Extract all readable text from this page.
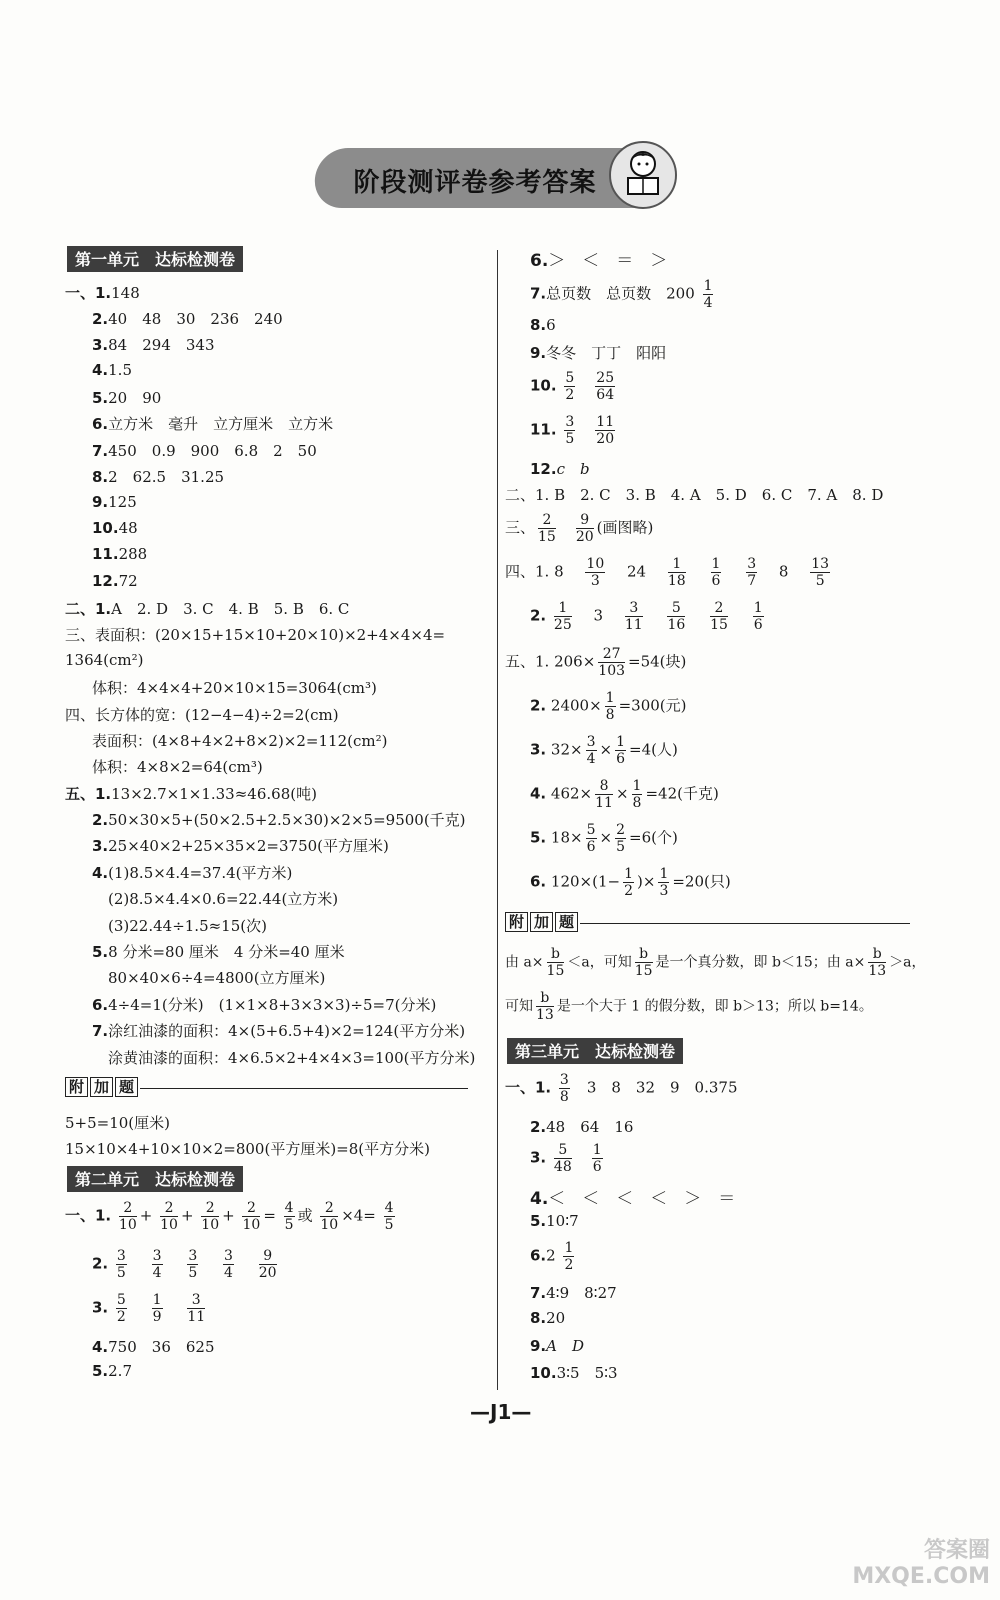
阶段测评卷参考答案
第一单元　达标检测卷
一、1.148
2.40　48　30　236　240
3.84　294　343
4.1.5
5.20　90
6.立方米　毫升　立方厘米　立方米
7.450　0.9　900　6.8　2　50
8.2　62.5　31.25
9.125
10.48
11.288
12.72
二、1.A　2. D　3. C　4. B　5. B　6. C
三、表面积：(20×15+15×10+20×10)×2+4×4×4=
1364(cm²)
体积：4×4×4+20×10×15=3064(cm³)
四、长方体的宽：(12−4−4)÷2=2(cm)
表面积：(4×8+4×2+8×2)×2=112(cm²)
体积：4×8×2=64(cm³)
五、1.13×2.7×1×1.33≈46.68(吨)
2.50×30×5+(50×2.5+2.5×30)×2×5=9500(千克)
3.25×40×2+25×35×2=3750(平方厘米)
4.(1)8.5×4.4=37.4(平方米)
(2)8.5×4.4×0.6=22.44(立方米)
(3)22.44÷1.5≈15(次)
5.8 分米=80 厘米　4 分米=40 厘米
80×40×6÷4=4800(立方厘米)
6.4÷4=1(分米)　(1×1×8+3×3×3)÷5=7(分米)
7.涂红油漆的面积：4×(5+6.5+4)×2=124(平方分米)
涂黄油漆的面积：4×6.5×2+4×4×3=100(平方分米)
附 加 题
5+5=10(厘米)
15×10×4+10×10×2=800(平方厘米)=8(平方分米)
第二单元　达标检测卷
一、1. $\frac{2}{10} + \frac{2}{10} + \frac{2}{10} + \frac{2}{10} = \frac{4}{5}$ 或 $\frac{2}{10} \times 4= \frac{4}{5}$
2. $\frac{3}{5}$
$\frac{3}{4}$
$\frac{3}{5}$
$\frac{3}{4}$
$\frac{9}{20}$
3. $\frac{5}{2}$
$\frac{1}{9}$
$\frac{3}{11}$
4.750　36　625
5.2.7
6.＞　＜　＝　＞
7.总页数　总页数　$200 \frac{1}{4}$
8.6
9.冬冬　丁丁　阳阳
10. $\frac{5}{2} \frac{25}{64}$
11. $\frac{3}{5} \frac{11}{20}$
12.c　b
二、1. B　2. C　3. B　4. A　5. D　6. C　7. A　8. D
三、 $\frac{2}{15} \frac{9}{20}$ (画图略)
四、1. $8 \frac{10}{3} 24 \frac{1}{18}$
$\frac{1}{6}$
$\frac{3}{7} 8 \frac{13}{5}$
2. $\frac{1}{25} 3 \frac{3}{11}$
$\frac{5}{16}$
$\frac{2}{15}$
$\frac{1}{6}$
五、1. $206\times \frac{27}{103} =54$(块)
2. $2400\times \frac{1}{8} =300$(元)
3. $32\times \frac{3}{4} \times \frac{1}{6} =4$(人)
4. $462\times \frac{8}{11} \times \frac{1}{8} =42$(千克)
5. $18\times \frac{5}{6} \times \frac{2}{5} =6$(个)
6. $120\times(1- \frac{1}{2}$ )× $\frac{1}{3} =20$(只)
附 加 题
由 $a\times \frac{b}{15} <a$，可知 $\frac{b}{15}$ 是一个真分数，即 b＜15；由 $a\times \frac{b}{13} >a$，
可知 $\frac{b}{13}$ 是一个大于 1 的假分数，即 b＞13；所以 b=14。
第三单元　达标检测卷
一、1. $\frac{3}{8} 3$　8　32　9　0.375
2.48　64　16
3. $\frac{5}{48} \frac{1}{6}$
4.＜　＜　＜　＜　＞　＝
5.10∶7
$6.2 \frac{1}{2}$
7.4∶9　8∶27
8.20
9.A　D
10.3∶5　5∶3
—J1—
答案圈
MXQE.COM
